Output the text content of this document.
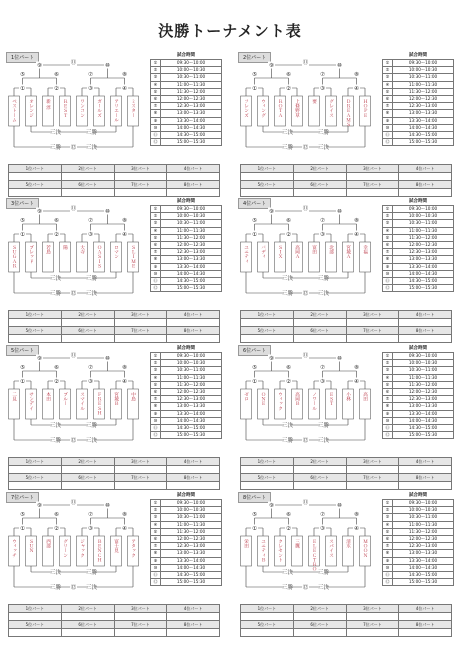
決勝トーナメント表
1位パート
①	②	③	④
⑤	⑥	⑦	⑧
⑪
⑨	⑩
ベストーム	オレンジ	新 淳	ＲＥＳＴ	ワンコン	ガールズ	アリエール	ミスター
三決	三勝
⑫
三勝	三決
試合時間
①	09:30～10:00
②	10:00～10:30
③	10:30～11:00
④	11:00～11:30
⑤	11:30～12:00
⑥	12:00～12:30
⑦	12:30～13:00
⑧	13:00～13:30
⑨	13:30～14:00
⑩	14:00～14:30
⑪	14:30～15:00
⑫	15:00～15:30
1位パート	2位パート	3位パート	4位パート

5位パート	6位パート	7位パート	8位パート

2位パート
①	②	③	④
⑤	⑥	⑦	⑧
⑪
⑨	⑩
フレンズ	ウィング	ＲＯＴＡ	上條野草	要	グレイス	ＤＲＥＡＭＳ	ＨＯＰＥ
三決	三勝
⑫
三勝	三決
試合時間
①	09:30～10:00
②	10:00～10:30
③	10:30～11:00
④	11:00～11:30
⑤	11:30～12:00
⑥	12:00～12:30
⑦	12:30～13:00
⑧	13:00～13:30
⑨	13:30～14:00
⑩	14:00～14:30
⑪	14:30～15:00
⑫	15:00～15:30
1位パート	2位パート	3位パート	4位パート

5位パート	6位パート	7位パート	8位パート

3位パート
①	②	③	④
⑤	⑥	⑦	⑧
⑪
⑨	⑩
ＳＵＧＡＲ	ブレッド	若島	陽	大寺	ＯＡＳＩＳ	ロマン	ＳＬＩＭＥ
三決	三勝
⑫
三勝	三決
試合時間
①	09:30～10:00
②	10:00～10:30
③	10:30～11:00
④	11:00～11:30
⑤	11:30～12:00
⑥	12:00～12:30
⑦	12:30～13:00
⑧	13:00～13:30
⑨	13:30～14:00
⑩	14:00～14:30
⑪	14:30～15:00
⑫	15:00～15:30
1位パート	2位パート	3位パート	4位パート

5位パート	6位パート	7位パート	8位パート

4位パート
①	②	③	④
⑤	⑥	⑦	⑧
⑪
⑨	⑩
ユニティ	バディ	ＳＩＸ	高岡Ａ	富田	北部	宮城Ａ	幸福
三決	三勝
⑫
三勝	三決
試合時間
①	09:30～10:00
②	10:00～10:30
③	10:30～11:00
④	11:00～11:30
⑤	11:30～12:00
⑥	12:00～12:30
⑦	12:30～13:00
⑧	13:00～13:30
⑨	13:30～14:00
⑩	14:00～14:30
⑪	14:30～15:00
⑫	15:00～15:30
1位パート	2位パート	3位パート	4位パート

5位パート	6位パート	7位パート	8位パート

5位パート
①	②	③	④
⑤	⑥	⑦	⑧
⑪
⑨	⑩
二見	サンデイ	本田	ブルー	スマイル	ＦＲＥＳＨ	宮城Ｂ	中島
三決	三勝
⑫
三勝	三決
試合時間
①	09:30～10:00
②	10:00～10:30
③	10:30～11:00
④	11:00～11:30
⑤	11:30～12:00
⑥	12:00～12:30
⑦	12:30～13:00
⑧	13:00～13:30
⑨	13:30～14:00
⑩	14:00～14:30
⑪	14:30～15:00
⑫	15:00～15:30
1位パート	2位パート	3位パート	4位パート

5位パート	6位パート	7位パート	8位パート

6位パート
①	②	③	④
⑤	⑥	⑦	⑧
⑪
⑨	⑩
ゼロ	ＯＮＥ	ウィック	高岡Ｂ	ノワール	ＥＳＴ	小林	高田
三決	三勝
⑫
三勝	三決
試合時間
①	09:30～10:00
②	10:00～10:30
③	10:30～11:00
④	11:00～11:30
⑤	11:30～12:00
⑥	12:00～12:30
⑦	12:30～13:00
⑧	13:00～13:30
⑨	13:30～14:00
⑩	14:00～14:30
⑪	14:30～15:00
⑫	15:00～15:30
1位パート	2位パート	3位パート	4位パート

5位パート	6位パート	7位パート	8位パート

7位パート
①	②	③	④
⑤	⑥	⑦	⑧
⑪
⑨	⑩
ウィッチ	ＳＵＮ	西部	グリーン	ジャック	ＢＥＮＣＨ	富士見	アタック
三決	三勝
⑫
三勝	三決
試合時間
①	09:30～10:00
②	10:00～10:30
③	10:30～11:00
④	11:00～11:30
⑤	11:30～12:00
⑥	12:00～12:30
⑦	12:30～13:00
⑧	13:00～13:30
⑨	13:30～14:00
⑩	14:00～14:30
⑪	14:30～15:00
⑫	15:00～15:30
1位パート	2位パート	3位パート	4位パート

5位パート	6位パート	7位パート	8位パート

8位パート
①	②	③	④
⑤	⑥	⑦	⑧
⑪
⑨	⑩
栄田	ユニティＢ	クレセント	三鷹	ＥＬＥＣＴＲＯ	スパイス	清水	ＭＯＯＮ
三決	三勝
⑫
三勝	三決
試合時間
①	09:30～10:00
②	10:00～10:30
③	10:30～11:00
④	11:00～11:30
⑤	11:30～12:00
⑥	12:00～12:30
⑦	12:30～13:00
⑧	13:00～13:30
⑨	13:30～14:00
⑩	14:00～14:30
⑪	14:30～15:00
⑫	15:00～15:30
1位パート	2位パート	3位パート	4位パート

5位パート	6位パート	7位パート	8位パート
